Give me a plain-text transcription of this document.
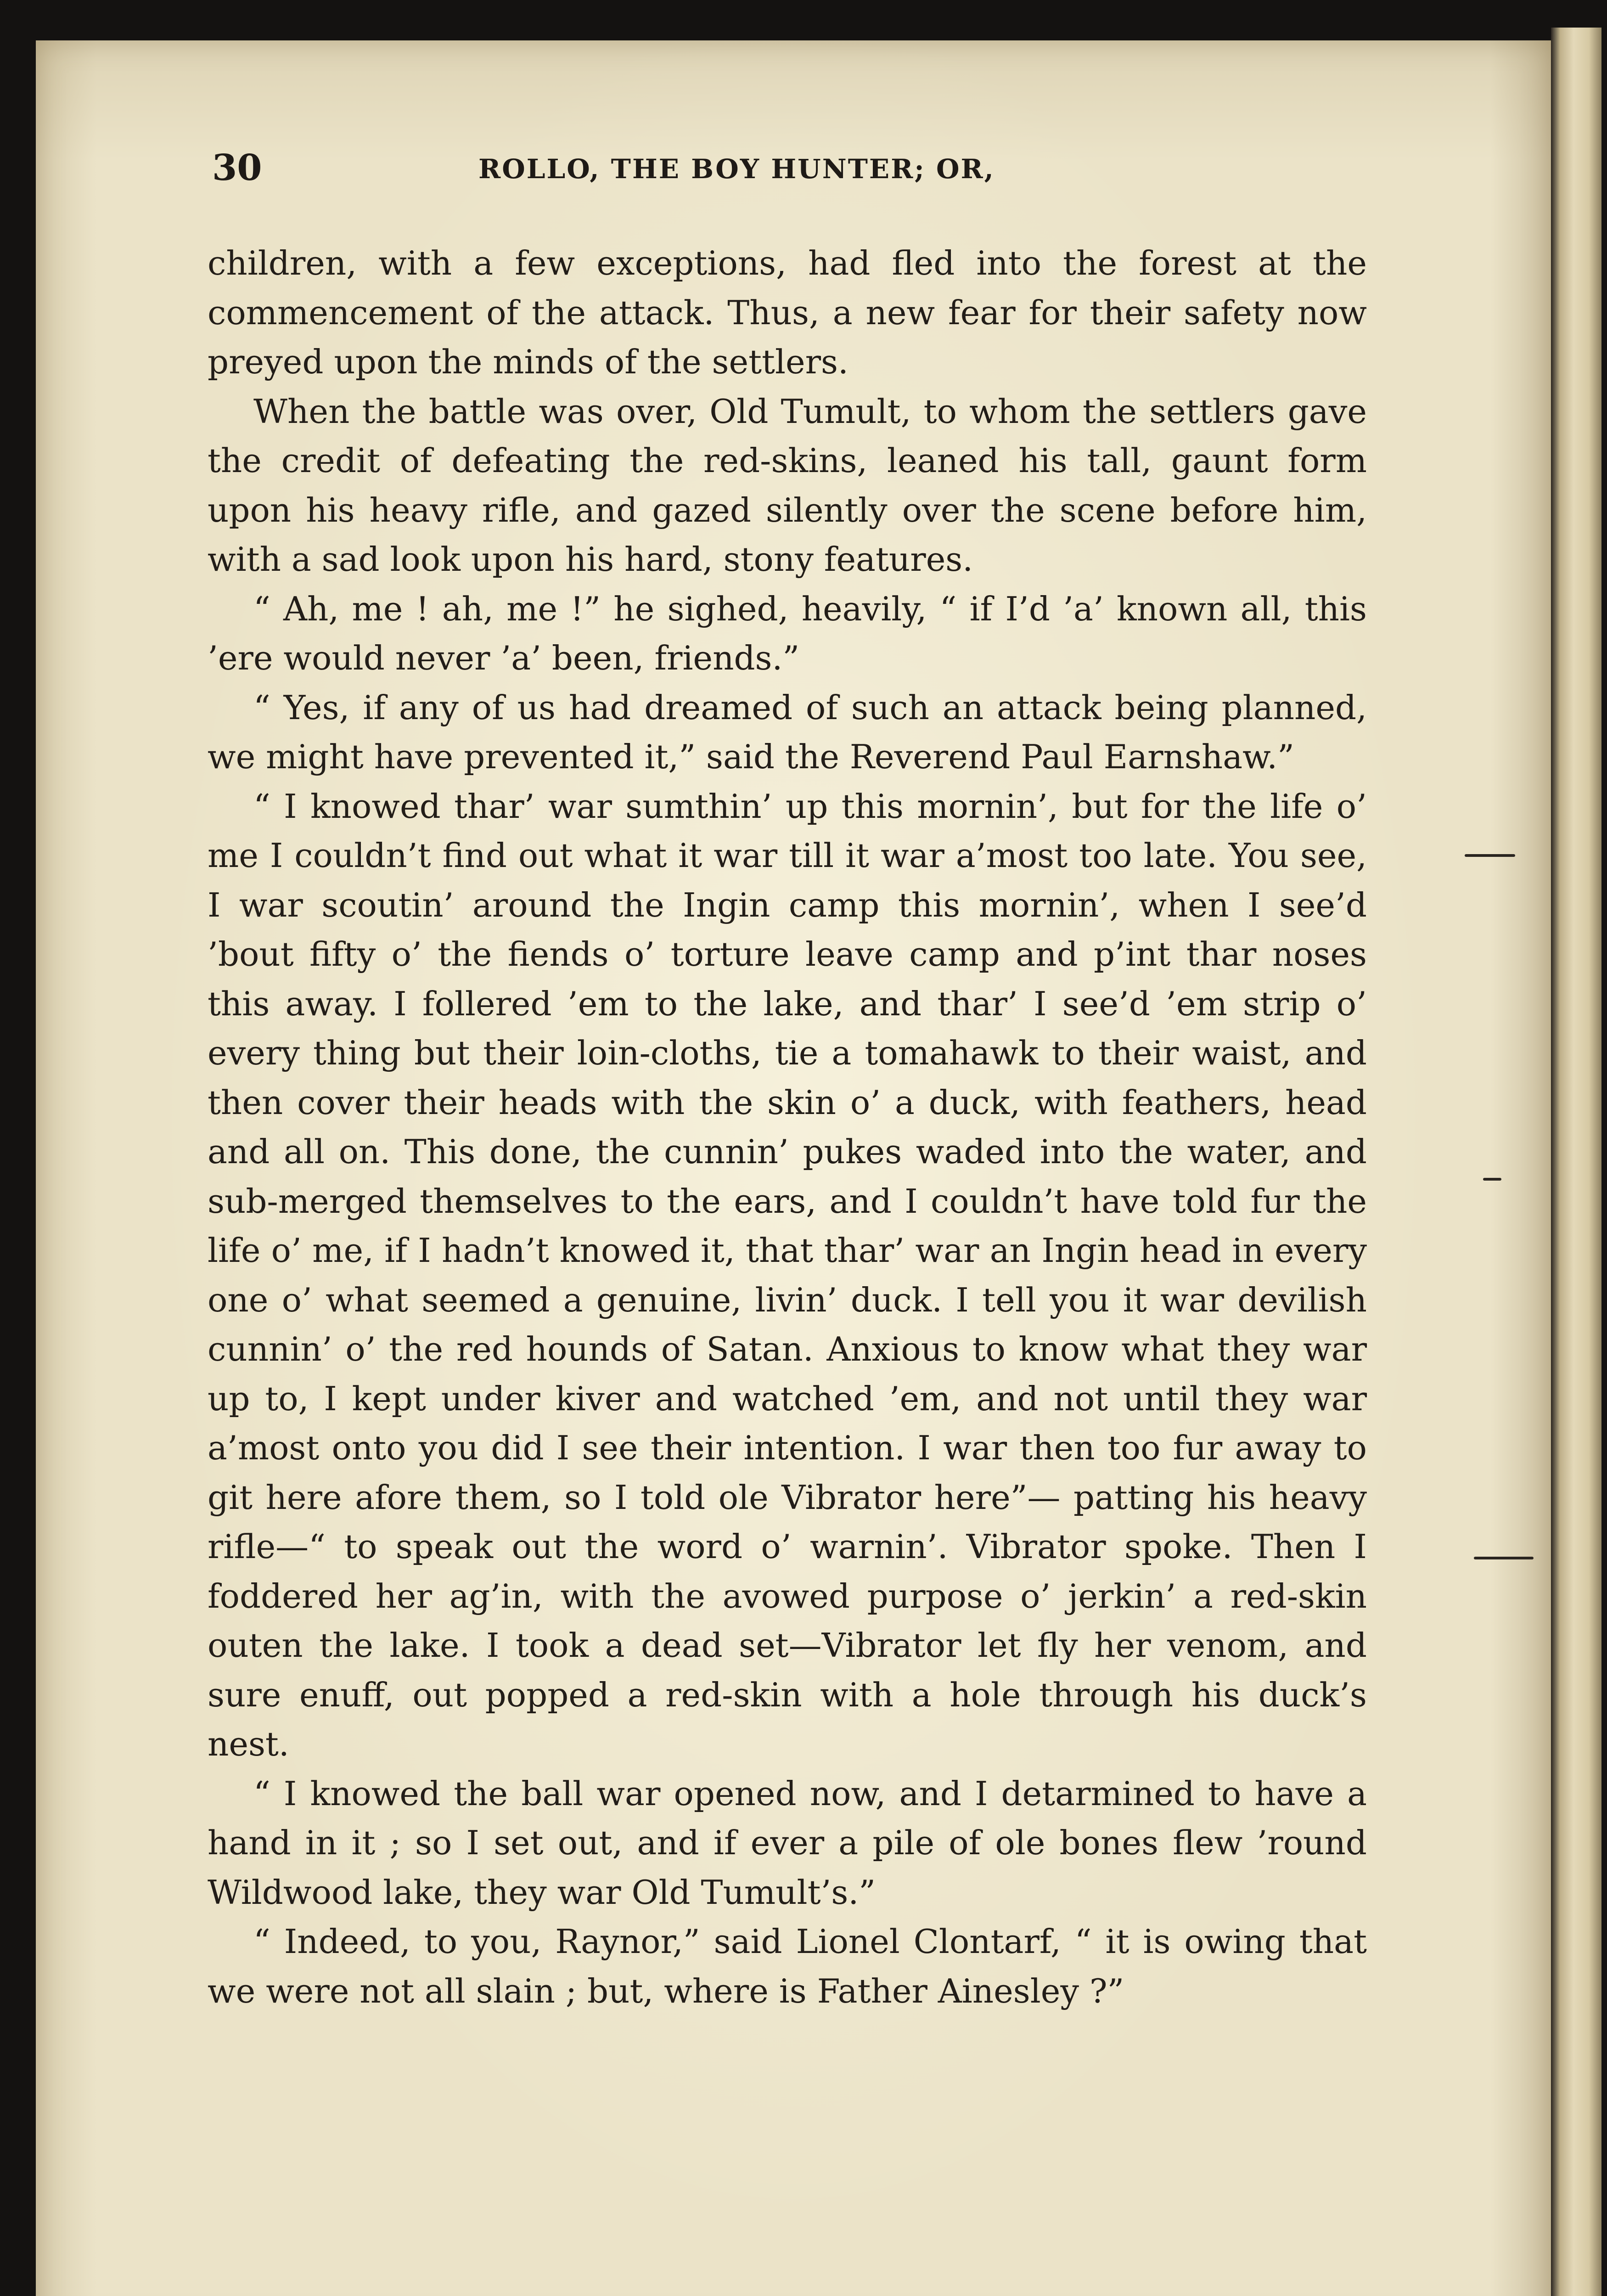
30	ROLLO, THE BOY HUNTER; OR,

children, with a few exceptions, had fled into the forest at the commencement of the attack. Thus, a new fear for their safety now preyed upon the minds of the settlers.

When the battle was over, Old Tumult, to whom the settlers gave the credit of defeating the red-skins, leaned his tall, gaunt form upon his heavy rifle, and gazed silently over the scene before him, with a sad look upon his hard, stony features.

“ Ah, me ! ah, me !” he sighed, heavily, “ if I’d ’a’ known all, this ’ere would never ’a’ been, friends.”

“ Yes, if any of us had dreamed of such an attack being planned, we might have prevented it,” said the Reverend Paul Earnshaw.”

“ I knowed thar’ war sumthin’ up this mornin’, but for the life o’ me I couldn’t find out what it war till it war a’most too late. You see, I war scoutin’ around the Ingin camp this mornin’, when I see’d ’bout fifty o’ the fiends o’ torture leave camp and p’int thar noses this away. I follered ’em to the lake, and thar’ I see’d ’em strip o’ every thing but their loin-cloths, tie a tomahawk to their waist, and then cover their heads with the skin o’ a duck, with feathers, head and all on. This done, the cunnin’ pukes waded into the water, and sub-merged themselves to the ears, and I couldn’t have told fur the life o’ me, if I hadn’t knowed it, that thar’ war an Ingin head in every one o’ what seemed a genuine, livin’ duck. I tell you it war devilish cunnin’ o’ the red hounds of Satan. Anxious to know what they war up to, I kept under kiver and watched ’em, and not until they war a’most onto you did I see their intention. I war then too fur away to git here afore them, so I told ole Vibrator here”— patting his heavy rifle—“ to speak out the word o’ warnin’. Vibrator spoke. Then I foddered her ag’in, with the avowed purpose o’ jerkin’ a red-skin outen the lake. I took a dead set—Vibrator let fly her venom, and sure enuff, out popped a red-skin with a hole through his duck’s nest.

“ I knowed the ball war opened now, and I detarmined to have a hand in it ; so I set out, and if ever a pile of ole bones flew ’round Wildwood lake, they war Old Tumult’s.”

“ Indeed, to you, Raynor,” said Lionel Clontarf, “ it is owing that we were not all slain ; but, where is Father Ainesley ?”
